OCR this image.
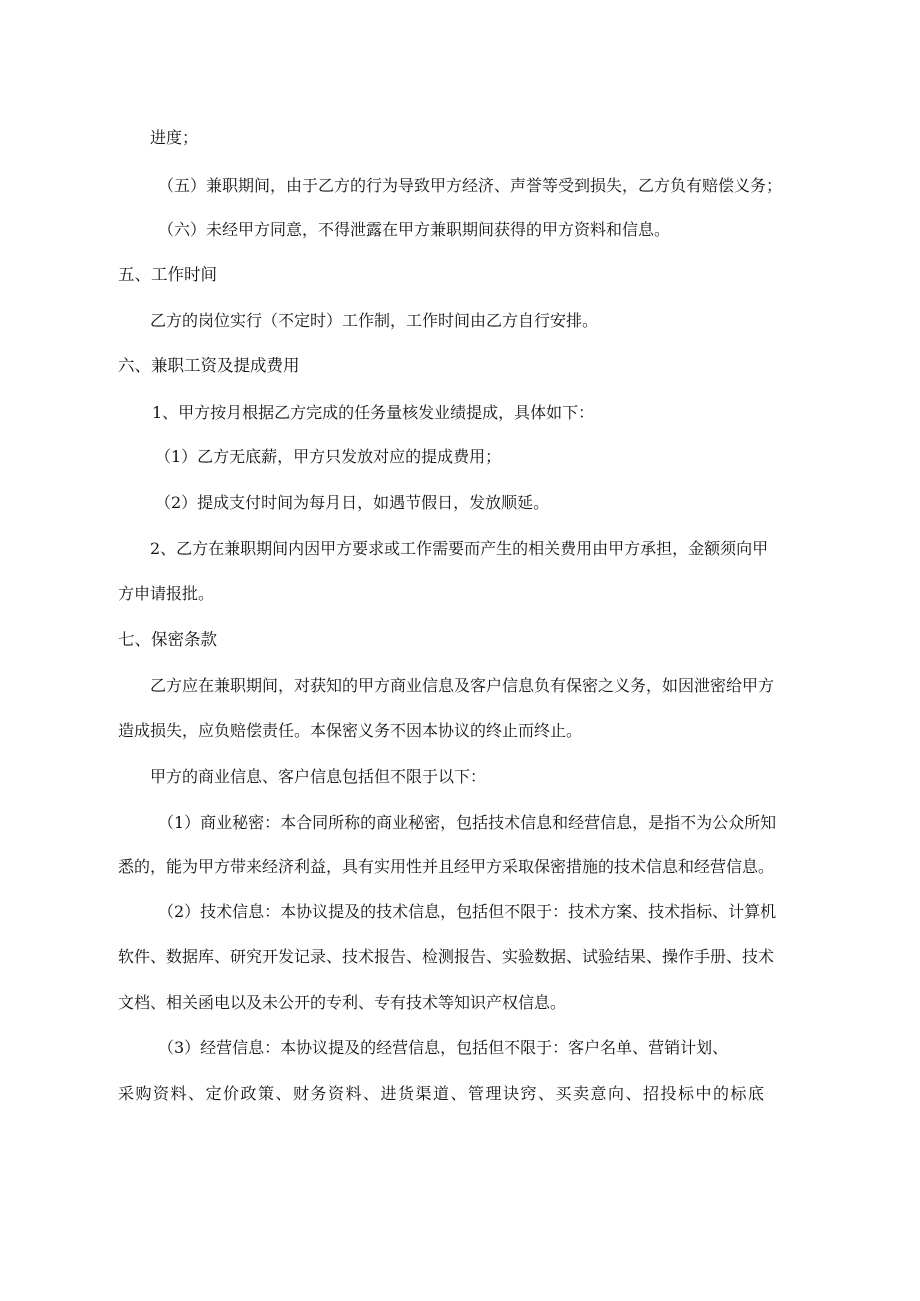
进度；
（五）兼职期间，由于乙方的行为导致甲方经济、声誉等受到损失，乙方负有赔偿义务；
（六）未经甲方同意，不得泄露在甲方兼职期间获得的甲方资料和信息。
五、工作时间
乙方的岗位实行（不定时）工作制，工作时间由乙方自行安排。
六、兼职工资及提成费用
1、甲方按月根据乙方完成的任务量核发业绩提成，具体如下：
（1）乙方无底薪，甲方只发放对应的提成费用；
（2）提成支付时间为每月日，如遇节假日，发放顺延。
2、乙方在兼职期间内因甲方要求或工作需要而产生的相关费用由甲方承担，金额须向甲
方申请报批。
七、保密条款
乙方应在兼职期间，对获知的甲方商业信息及客户信息负有保密之义务，如因泄密给甲方
造成损失，应负赔偿责任。本保密义务不因本协议的终止而终止。
甲方的商业信息、客户信息包括但不限于以下：
（1）商业秘密：本合同所称的商业秘密，包括技术信息和经营信息，是指不为公众所知
悉的，能为甲方带来经济利益，具有实用性并且经甲方采取保密措施的技术信息和经营信息。
（2）技术信息：本协议提及的技术信息，包括但不限于：技术方案、技术指标、计算机
软件、数据库、研究开发记录、技术报告、检测报告、实验数据、试验结果、操作手册、技术
文档、相关函电以及未公开的专利、专有技术等知识产权信息。
（3）经营信息：本协议提及的经营信息，包括但不限于：客户名单、营销计划、
采购资料、定价政策、财务资料、进货渠道、管理诀窍、买卖意向、招投标中的标底
